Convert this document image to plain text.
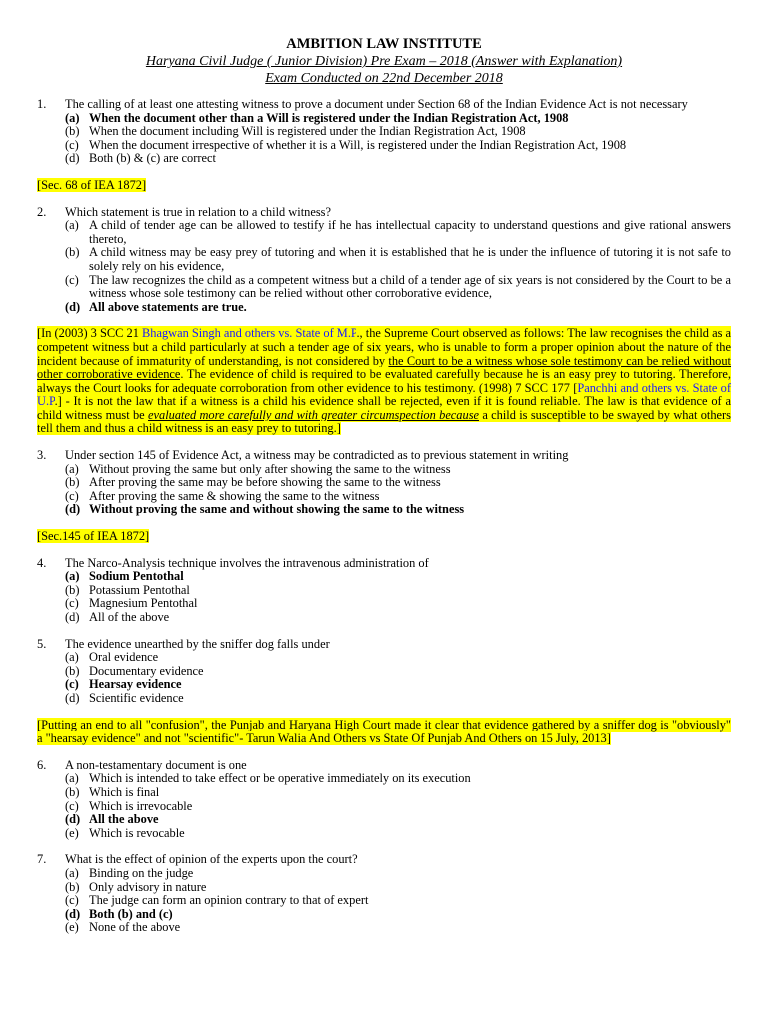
AMBITION LAW INSTITUTE
Haryana Civil Judge ( Junior Division) Pre Exam – 2018 (Answer with Explanation)
Exam Conducted on 22nd December 2018
1.	The calling of at least one attesting witness to prove a document under Section 68 of the Indian Evidence Act is not necessary
(a) When the document other than a Will is registered under the Indian Registration Act, 1908
(b) When the document including Will is registered under the Indian Registration Act, 1908
(c) When the document irrespective of whether it is a Will, is registered under the Indian Registration Act, 1908
(d) Both (b) & (c) are correct
[Sec. 68 of IEA 1872]
2.	Which statement is true in relation to a child witness?
(a) A child of tender age can be allowed to testify if he has intellectual capacity to understand questions and give rational answers thereto,
(b) A child witness may be easy prey of tutoring and when it is established that he is under the influence of tutoring it is not safe to solely rely on his evidence,
(c) The law recognizes the child as a competent witness but a child of a tender age of six years is not considered by the Court to be a witness whose sole testimony can be relied without other corroborative evidence,
(d) All above statements are true.
[In (2003) 3 SCC 21 Bhagwan Singh and others vs. State of M.P., the Supreme Court observed as follows: The law recognises the child as a competent witness but a child particularly at such a tender age of six years, who is unable to form a proper opinion about the nature of the incident because of immaturity of understanding, is not considered by the Court to be a witness whose sole testimony can be relied without other corroborative evidence. The evidence of child is required to be evaluated carefully because he is an easy prey to tutoring. Therefore, always the Court looks for adequate corroboration from other evidence to his testimony. (1998) 7 SCC 177 [Panchhi and others vs. State of U.P.] - It is not the law that if a witness is a child his evidence shall be rejected, even if it is found reliable. The law is that evidence of a child witness must be evaluated more carefully and with greater circumspection because a child is susceptible to be swayed by what others tell them and thus a child witness is an easy prey to tutoring.]
3.	Under section 145 of Evidence Act, a witness may be contradicted as to previous statement in writing
(a) Without proving the same but only after showing the same to the witness
(b) After proving the same may be before showing the same to the witness
(c) After proving the same & showing the same to the witness
(d) Without proving the same and without showing the same to the witness
[Sec.145 of IEA 1872]
4.	The Narco-Analysis technique involves the intravenous administration of
(a) Sodium Pentothal
(b) Potassium Pentothal
(c) Magnesium Pentothal
(d) All of the above
5.	The evidence unearthed by the sniffer dog falls under
(a) Oral evidence
(b) Documentary evidence
(c) Hearsay evidence
(d) Scientific evidence
[Putting an end to all "confusion", the Punjab and Haryana High Court made it clear that evidence gathered by a sniffer dog is "obviously" a "hearsay evidence" and not "scientific"- Tarun Walia And Others vs State Of Punjab And Others on 15 July, 2013]
6.	A non-testamentary document is one
(a) Which is intended to take effect or be operative immediately on its execution
(b) Which is final
(c) Which is irrevocable
(d) All the above
(e) Which is revocable
7.	What is the effect of opinion of the experts upon the court?
(a) Binding on the judge
(b) Only advisory in nature
(c) The judge can form an opinion contrary to that of expert
(d) Both (b) and (c)
(e) None of the above
